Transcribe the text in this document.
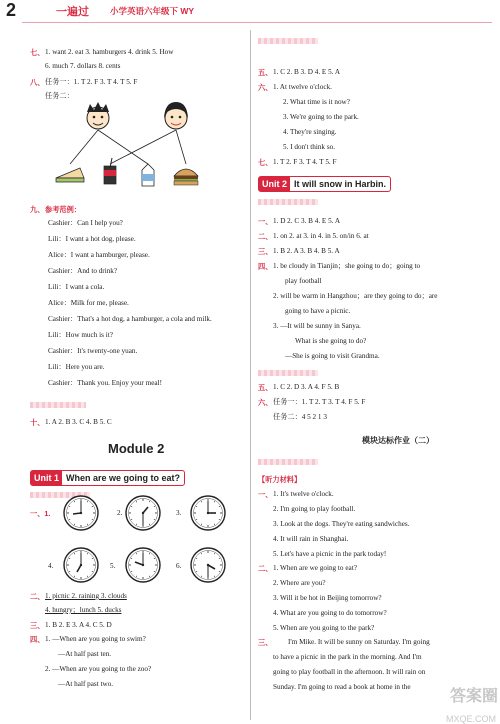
2	一遍过 小学英语六年级下 WY
七、 1. want 2. eat 3. hamburgers 4. drink 5. How
6. much 7. dollars 8. cents
八、 任务一：1. T 2. F 3. T 4. T 5. F
任务二：
九、 参考范例：
Cashier：Can I help you?
Lili：I want a hot dog, please.
Alice：I want a hamburger, please.
Cashier：And to drink?
Lili：I want a cola.
Alice：Milk for me, please.
Cashier：That's a hot dog, a hamburger, a cola and milk.
Lili：How much is it?
Cashier：It's twenty-one yuan.
Lili：Here you are.
Cashier：Thank you. Enjoy your meal!
十、 1. A 2. B 3. C 4. B 5. C
Module 2
Unit 1 When are we going to eat?
一、1.	2.	3.
4.	5.	6.
二、 1. picnic 2. raining 3. clouds
4. hungry；lunch 5. ducks
三、 1. B 2. E 3. A 4. C 5. D
四、 1. —When are you going to swim?
—At half past ten.
2. —When are you going to the zoo?
—At half past two.
五、 1. C 2. B 3. D 4. E 5. A
六、 1. At twelve o'clock.
2. What time is it now?
3. We're going to the park.
4. They're singing.
5. I don't think so.
七、 1. T 2. F 3. T 4. T 5. F
Unit 2 It will snow in Harbin.
一、 1. D 2. C 3. B 4. E 5. A
二、 1. on 2. at 3. in 4. in 5. on/in 6. at
三、 1. B 2. A 3. B 4. B 5. A
四、 1. be cloudy in Tianjin；she going to do；going to
play football
2. will be warm in Hangzhou；are they going to do；are
going to have a picnic.
3. —It will be sunny in Sanya.
What is she going to do?
—She is going to visit Grandma.
五、 1. C 2. D 3. A 4. F 5. B
六、 任务一：1. T 2. T 3. T 4. F 5. F
任务二：4 5 2 1 3
模块达标作业（二）
【听力材料】
一、 1. It's twelve o'clock.
2. I'm going to play football.
3. Look at the dogs. They're eating sandwiches.
4. It will rain in Shanghai.
5. Let's have a picnic in the park today!
二、 1. When are we going to eat?
2. Where are you?
3. Will it be hot in Beijing tomorrow?
4. What are you going to do tomorrow?
5. When are you going to the park?
三、 I'm Mike. It will be sunny on Saturday. I'm going
to have a picnic in the park in the morning. And I'm
going to play football in the afternoon. It will rain on
Sunday. I'm going to read a book at home in the
答案圈
MXQE.COM
